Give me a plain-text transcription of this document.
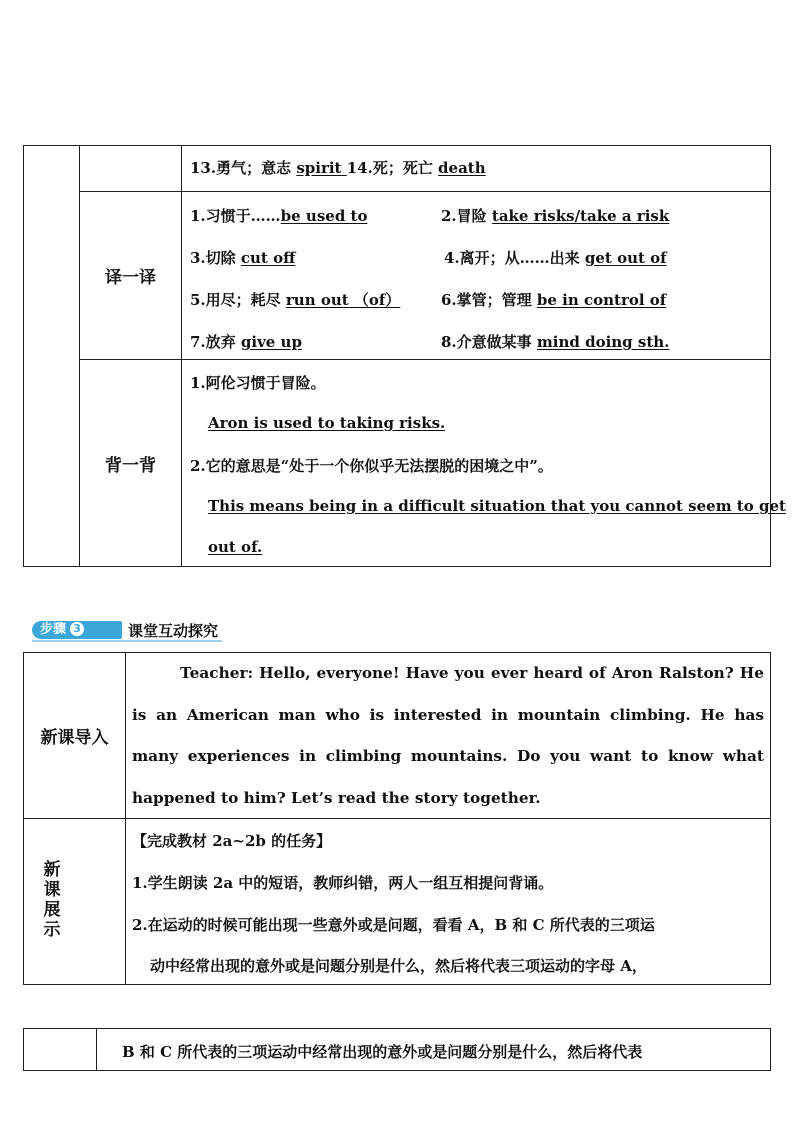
13.勇气；意志 spirit 14.死；死亡 death
译一译
1.习惯于……be used to	2.冒险 take risks/take a risk
3.切除 cut off	4.离开；从……出来 get out of
5.用尽；耗尽 run out （of）	6.掌管；管理 be in control of
7.放弃 give up	8.介意做某事 mind doing sth.
背一背
1.阿伦习惯于冒险。
Aron is used to taking risks.
2.它的意思是“处于一个你似乎无法摆脱的困境之中”。
This means being in a difficult situation that you cannot seem to get
out of.
步骤 3	课堂互动探究
新课导入
Teacher: Hello, everyone! Have you ever heard of Aron Ralston? He is an American man who is interested in mountain climbing. He has many experiences in climbing mountains. Do you want to know what happened to him? Let’s read the story together.
新课展示
【完成教材 2a~2b 的任务】
1.学生朗读 2a 中的短语，教师纠错，两人一组互相提问背诵。
2.在运动的时候可能出现一些意外或是问题，看看 A，B 和 C 所代表的三项运
动中经常出现的意外或是问题分别是什么，然后将代表三项运动的字母 A，
B 和 C 所代表的三项运动中经常出现的意外或是问题分别是什么，然后将代表
